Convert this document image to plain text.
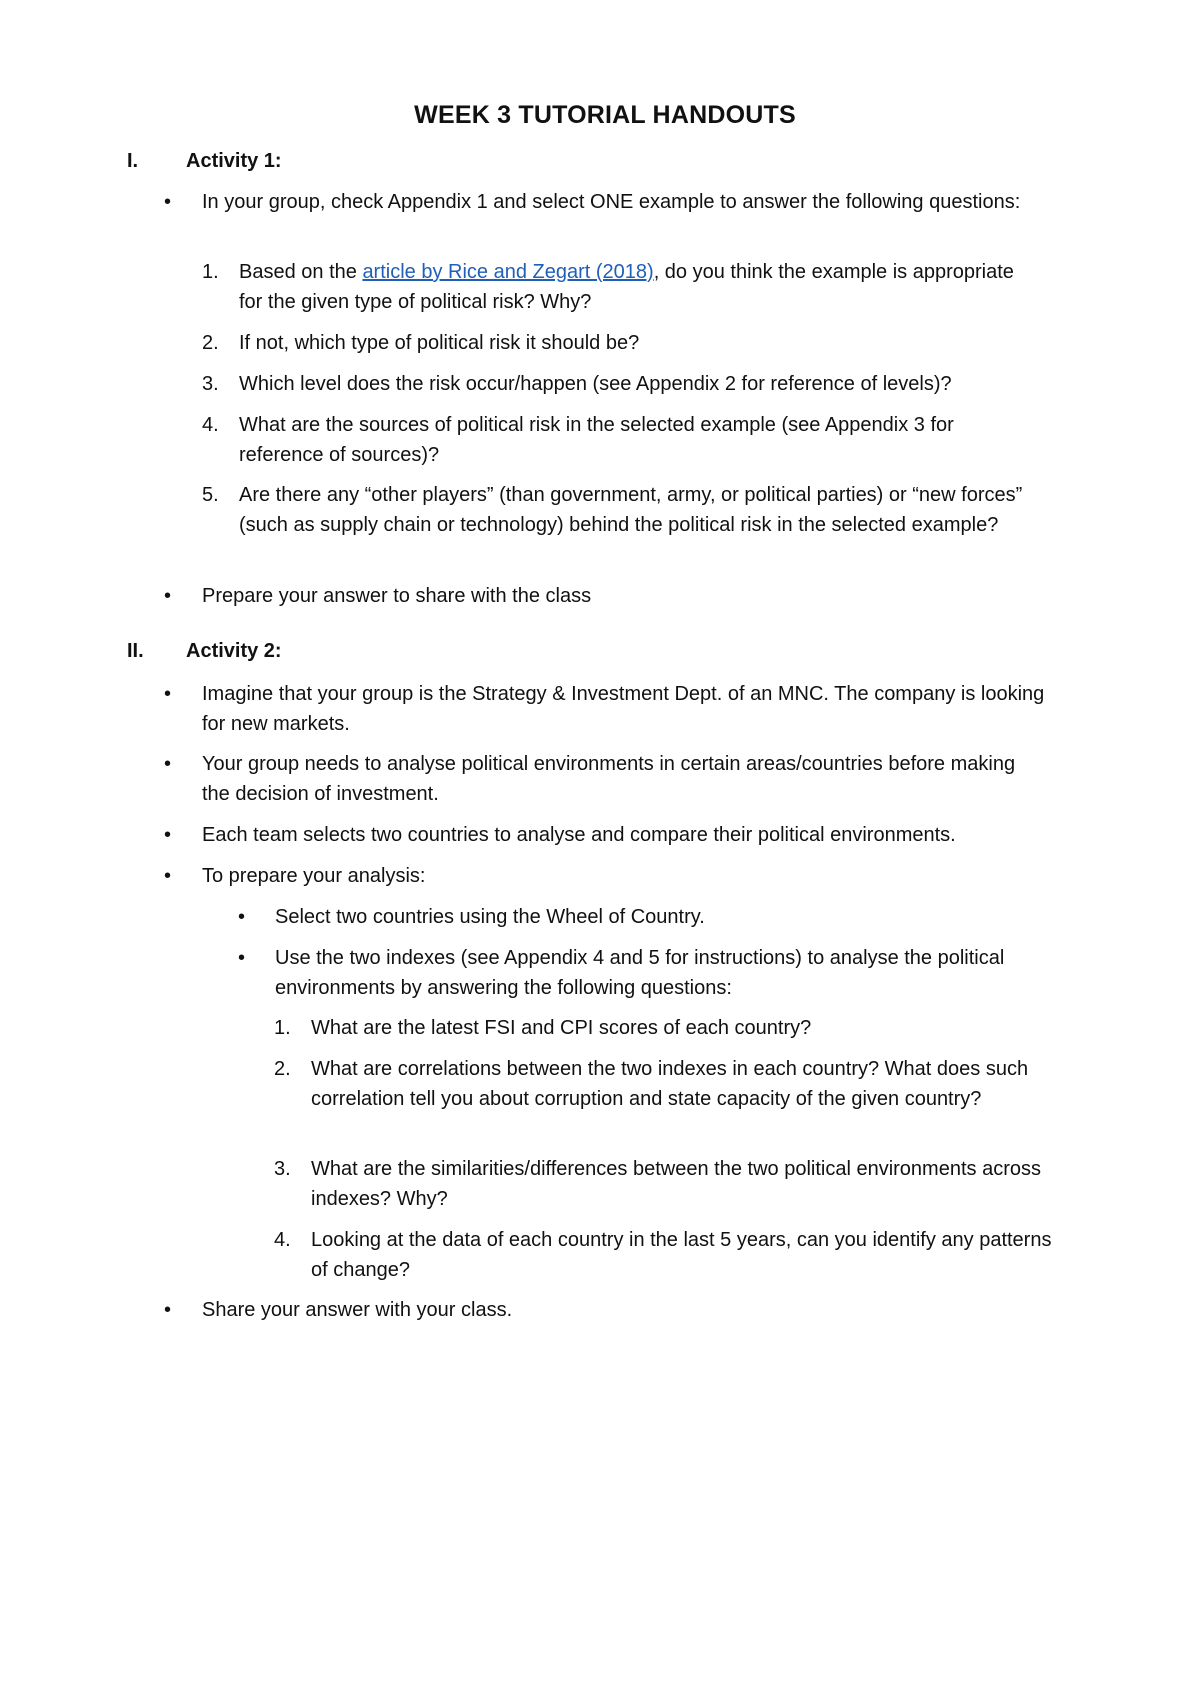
WEEK 3 TUTORIAL HANDOUTS
I. Activity 1:
• In your group, check Appendix 1 and select ONE example to answer the following questions:
1. Based on the article by Rice and Zegart (2018), do you think the example is appropriate for the given type of political risk? Why?
2. If not, which type of political risk it should be?
3. Which level does the risk occur/happen (see Appendix 2 for reference of levels)?
4. What are the sources of political risk in the selected example (see Appendix 3 for reference of sources)?
5. Are there any “other players” (than government, army, or political parties) or “new forces” (such as supply chain or technology) behind the political risk in the selected example?
• Prepare your answer to share with the class
II. Activity 2:
• Imagine that your group is the Strategy & Investment Dept. of an MNC. The company is looking for new markets.
• Your group needs to analyse political environments in certain areas/countries before making the decision of investment.
• Each team selects two countries to analyse and compare their political environments.
• To prepare your analysis:
• Select two countries using the Wheel of Country.
• Use the two indexes (see Appendix 4 and 5 for instructions) to analyse the political environments by answering the following questions:
1. What are the latest FSI and CPI scores of each country?
2. What are correlations between the two indexes in each country? What does such correlation tell you about corruption and state capacity of the given country?
3. What are the similarities/differences between the two political environments across indexes? Why?
4. Looking at the data of each country in the last 5 years, can you identify any patterns of change?
• Share your answer with your class.
